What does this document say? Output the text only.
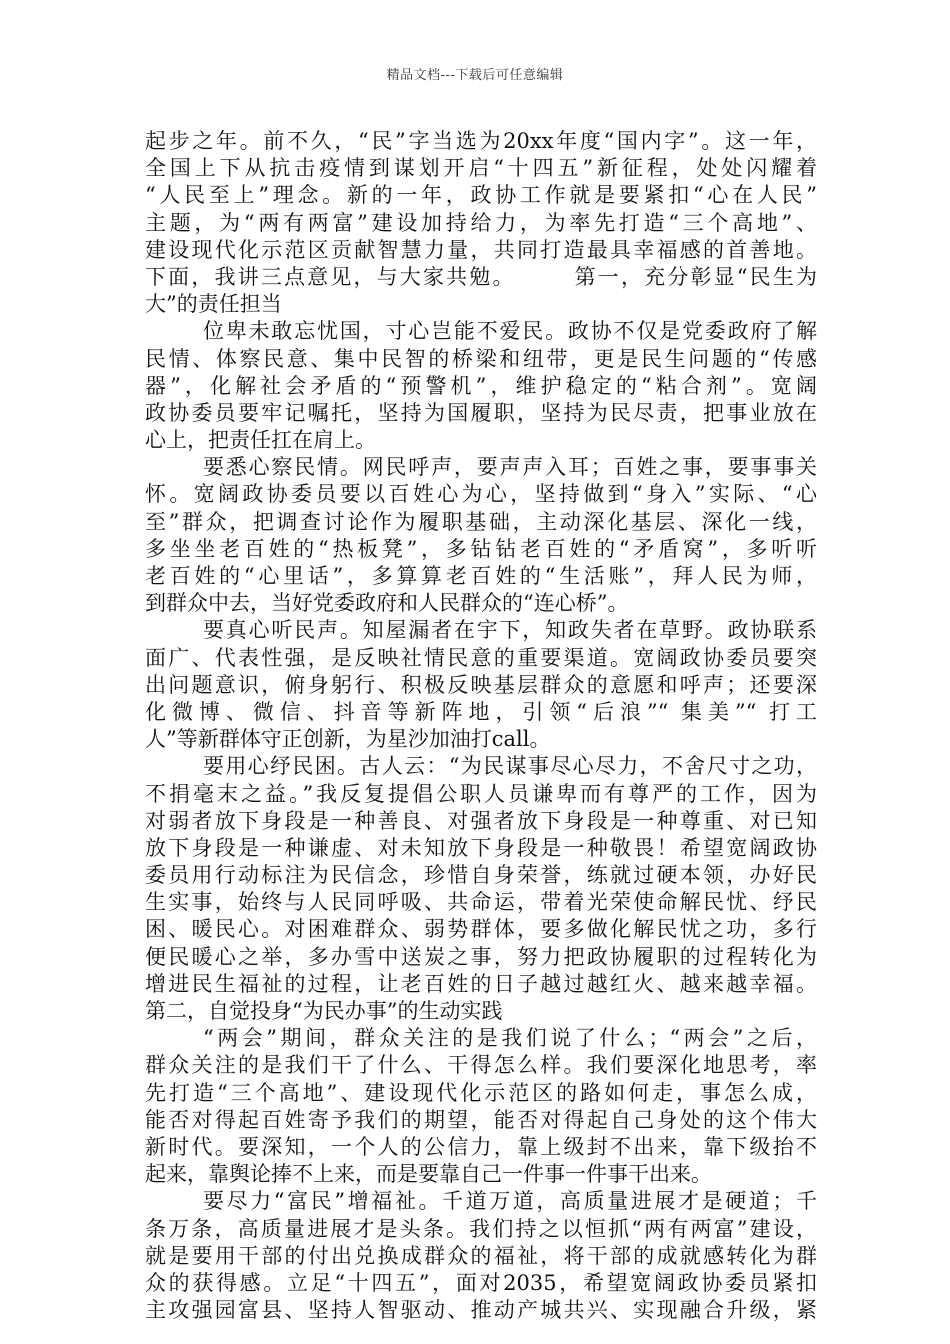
精品文档---下载后可任意编辑
起步之年。前不久，“民”字当选为20xx年度“国内字”。这一年，
全国上下从抗击疫情到谋划开启“十四五”新征程，处处闪耀着
“人民至上”理念。新的一年，政协工作就是要紧扣“心在人民”
主题，为“两有两富”建设加持给力，为率先打造“三个高地”、
建设现代化示范区贡献智慧力量，共同打造最具幸福感的首善地。
下面，我讲三点意见，与大家共勉。　　　第一，充分彰显“民生为
大”的责任担当
位卑未敢忘忧国，寸心岂能不爱民。政协不仅是党委政府了解
民情、体察民意、集中民智的桥梁和纽带，更是民生问题的“传感
器”，化解社会矛盾的“预警机”，维护稳定的“粘合剂”。宽阔
政协委员要牢记嘱托，坚持为国履职，坚持为民尽责，把事业放在
心上，把责任扛在肩上。
要悉心察民情。网民呼声，要声声入耳；百姓之事，要事事关
怀。宽阔政协委员要以百姓心为心，坚持做到“身入”实际、“心
至”群众，把调查讨论作为履职基础，主动深化基层、深化一线，
多坐坐老百姓的“热板凳”，多钻钻老百姓的“矛盾窝”，多听听
老百姓的“心里话”，多算算老百姓的“生活账”，拜人民为师，
到群众中去，当好党委政府和人民群众的“连心桥”。
要真心听民声。知屋漏者在宇下，知政失者在草野。政协联系
面广、代表性强，是反映社情民意的重要渠道。宽阔政协委员要突
出问题意识，俯身躬行、积极反映基层群众的意愿和呼声；还要深
化微博、微信、抖音等新阵地，引领“后浪”“ 集美”“ 打工
人”等新群体守正创新，为星沙加油打call。
要用心纾民困。古人云：“为民谋事尽心尽力，不舍尺寸之功，
不捐毫末之益。”我反复提倡公职人员谦卑而有尊严的工作，因为
对弱者放下身段是一种善良、对强者放下身段是一种尊重、对已知
放下身段是一种谦虚、对未知放下身段是一种敬畏！希望宽阔政协
委员用行动标注为民信念，珍惜自身荣誉，练就过硬本领，办好民
生实事，始终与人民同呼吸、共命运，带着光荣使命解民忧、纾民
困、暖民心。对困难群众、弱势群体，要多做化解民忧之功，多行
便民暖心之举，多办雪中送炭之事，努力把政协履职的过程转化为
增进民生福祉的过程，让老百姓的日子越过越红火、越来越幸福。
第二，自觉投身“为民办事”的生动实践
“两会”期间，群众关注的是我们说了什么；“两会”之后，
群众关注的是我们干了什么、干得怎么样。我们要深化地思考，率
先打造“三个高地”、建设现代化示范区的路如何走，事怎么成，
能否对得起百姓寄予我们的期望，能否对得起自己身处的这个伟大
新时代。要深知，一个人的公信力，靠上级封不出来，靠下级抬不
起来，靠舆论捧不上来，而是要靠自己一件事一件事干出来。
要尽力“富民”增福祉。千道万道，高质量进展才是硬道；千
条万条，高质量进展才是头条。我们持之以恒抓“两有两富”建设，
就是要用干部的付出兑换成群众的福祉，将干部的成就感转化为群
众的获得感。立足“十四五”，面对2035，希望宽阔政协委员紧扣
主攻强园富县、坚持人智驱动、推动产城共兴、实现融合升级，紧
